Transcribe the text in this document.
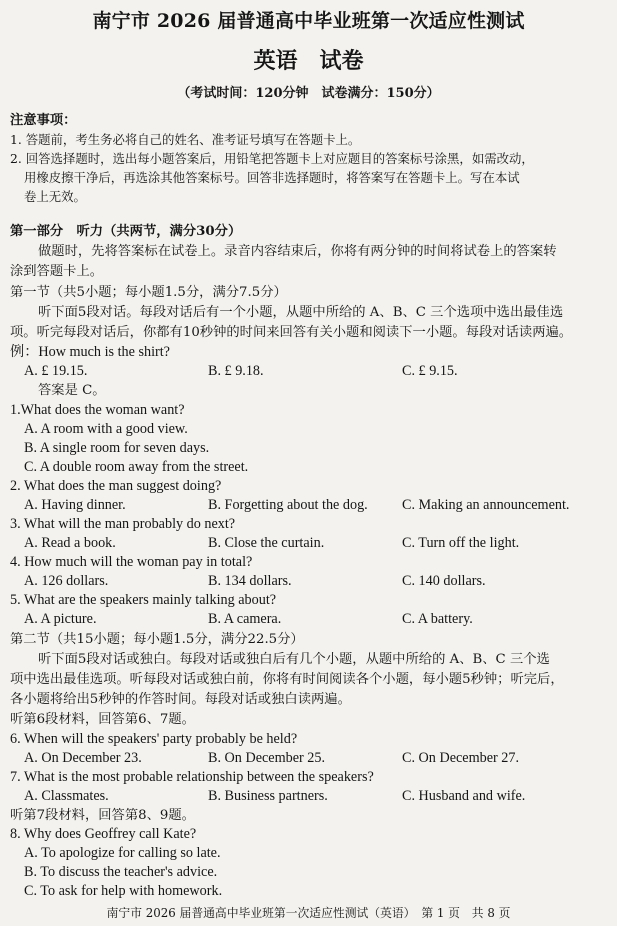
南宁市 2026 届普通高中毕业班第一次适应性测试
英语　试卷
（考试时间：120分钟　试卷满分：150分）
注意事项：
1. 答题前，考生务必将自己的姓名、准考证号填写在答题卡上。
2. 回答选择题时，选出每小题答案后，用铅笔把答题卡上对应题目的答案标号涂黑，如需改动，
用橡皮擦干净后，再选涂其他答案标号。回答非选择题时，将答案写在答题卡上。写在本试
卷上无效。
第一部分　听力（共两节，满分30分）
做题时，先将答案标在试卷上。录音内容结束后，你将有两分钟的时间将试卷上的答案转
涂到答题卡上。
第一节（共5小题；每小题1.5分，满分7.5分）
听下面5段对话。每段对话后有一个小题，从题中所给的 A、B、C 三个选项中选出最佳选
项。听完每段对话后，你都有10秒钟的时间来回答有关小题和阅读下一小题。每段对话读两遍。
例：How much is the shirt?
A. £ 19.15.	B. £ 9.18.	C. £ 9.15.
答案是 C。
1.What does the woman want?
A. A room with a good view.
B. A single room for seven days.
C. A double room away from the street.
2. What does the man suggest doing?
A. Having dinner.	B. Forgetting about the dog. C. Making an announcement.
3. What will the man probably do next?
A. Read a book.	B. Close the curtain.	C. Turn off the light.
4. How much will the woman pay in total?
A. 126 dollars.	B. 134 dollars.	C. 140 dollars.
5. What are the speakers mainly talking about?
A. A picture.	B. A camera.	C. A battery.
第二节（共15小题；每小题1.5分，满分22.5分）
听下面5段对话或独白。每段对话或独白后有几个小题，从题中所给的 A、B、C 三个选
项中选出最佳选项。听每段对话或独白前，你将有时间阅读各个小题，每小题5秒钟；听完后，
各小题将给出5秒钟的作答时间。每段对话或独白读两遍。
听第6段材料，回答第6、7题。
6. When will the speakers' party probably be held?
A. On December 23.	B. On December 25.	C. On December 27.
7. What is the most probable relationship between the speakers?
A. Classmates.	B. Business partners.	C. Husband and wife.
听第7段材料，回答第8、9题。
8. Why does Geoffrey call Kate?
A. To apologize for calling so late.
B. To discuss the teacher's advice.
C. To ask for help with homework.
南宁市 2026 届普通高中毕业班第一次适应性测试（英语）　第 1 页　共 8 页
